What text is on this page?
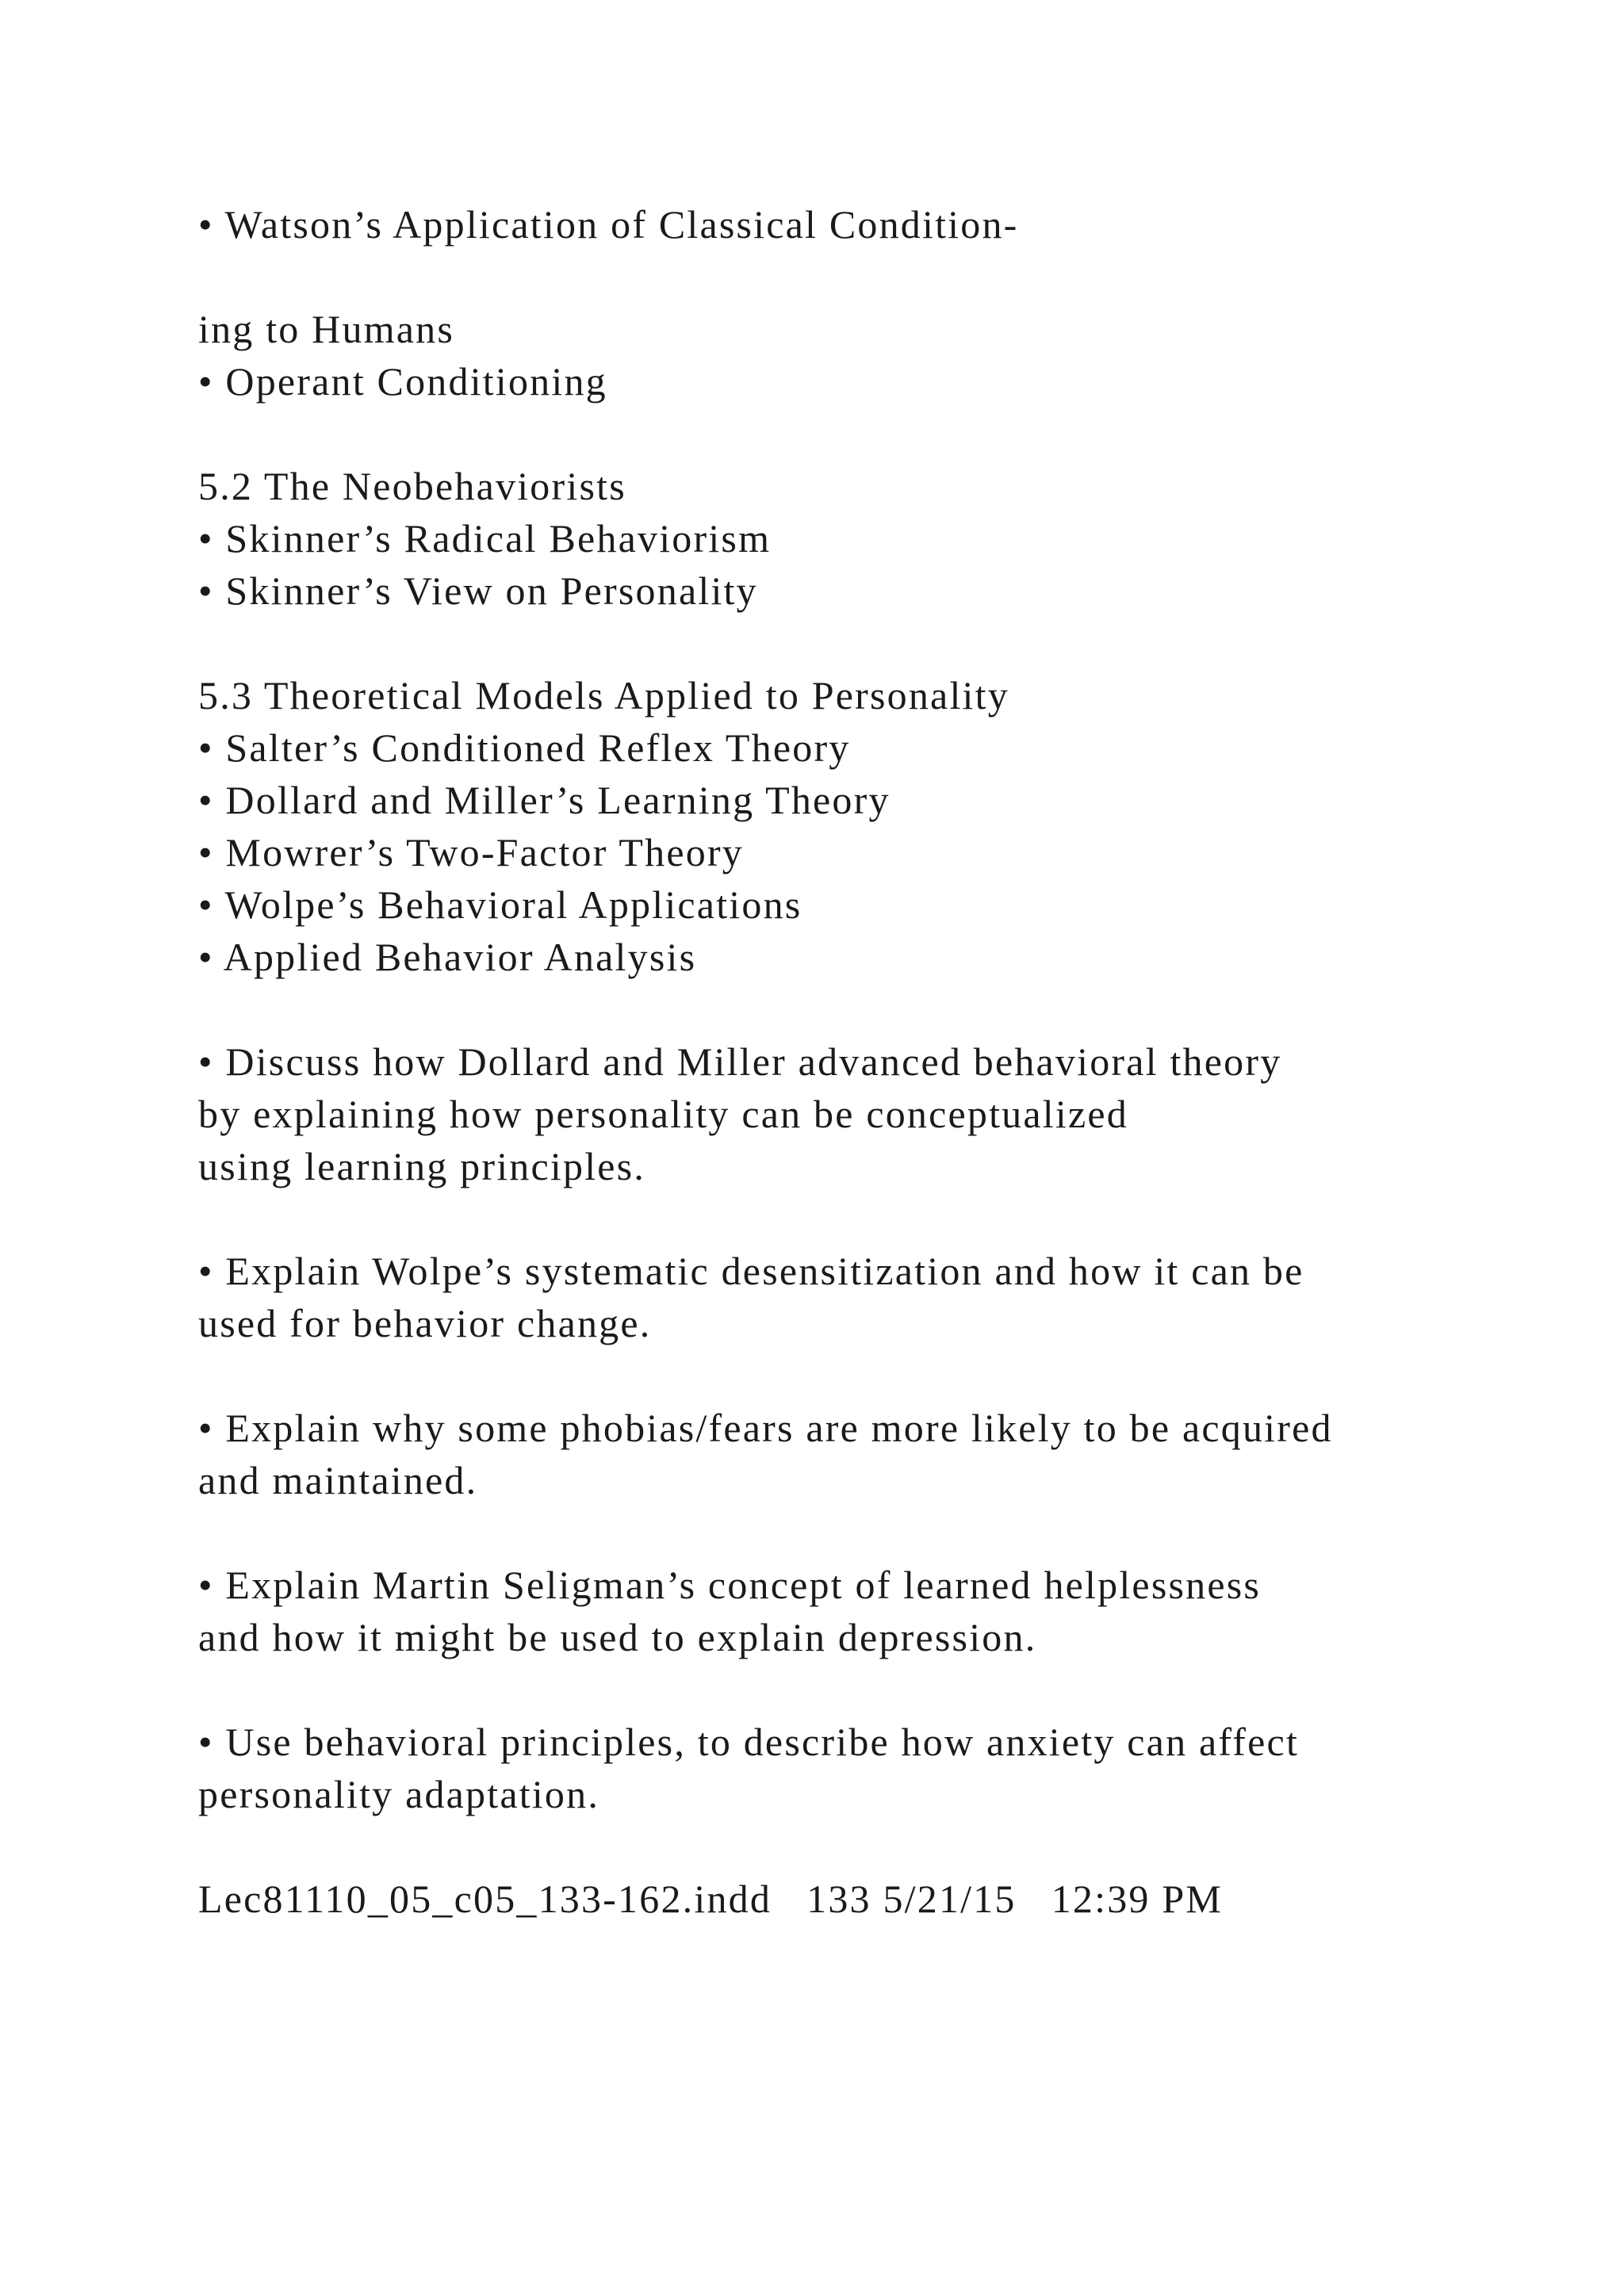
• Watson’s Application of Classical Condition-

ing to Humans

• Operant Conditioning

5.2 The Neobehaviorists

• Skinner’s Radical Behaviorism

• Skinner’s View on Personality

5.3 Theoretical Models Applied to Personality

• Salter’s Conditioned Reflex Theory

• Dollard and Miller’s Learning Theory

• Mowrer’s Two-Factor Theory

• Wolpe’s Behavioral Applications

• Applied Behavior Analysis

• Discuss how Dollard and Miller advanced behavioral theory

by explaining how personality can be conceptualized

using learning principles.

• Explain Wolpe’s systematic desensitization and how it can be

used for behavior change.

• Explain why some phobias/fears are more likely to be acquired

and maintained.

• Explain Martin Seligman’s concept of learned helplessness

and how it might be used to explain depression.

• Use behavioral principles, to describe how anxiety can affect

personality adaptation.

Lec81110_05_c05_133-162.indd   133 5/21/15   12:39 PM
